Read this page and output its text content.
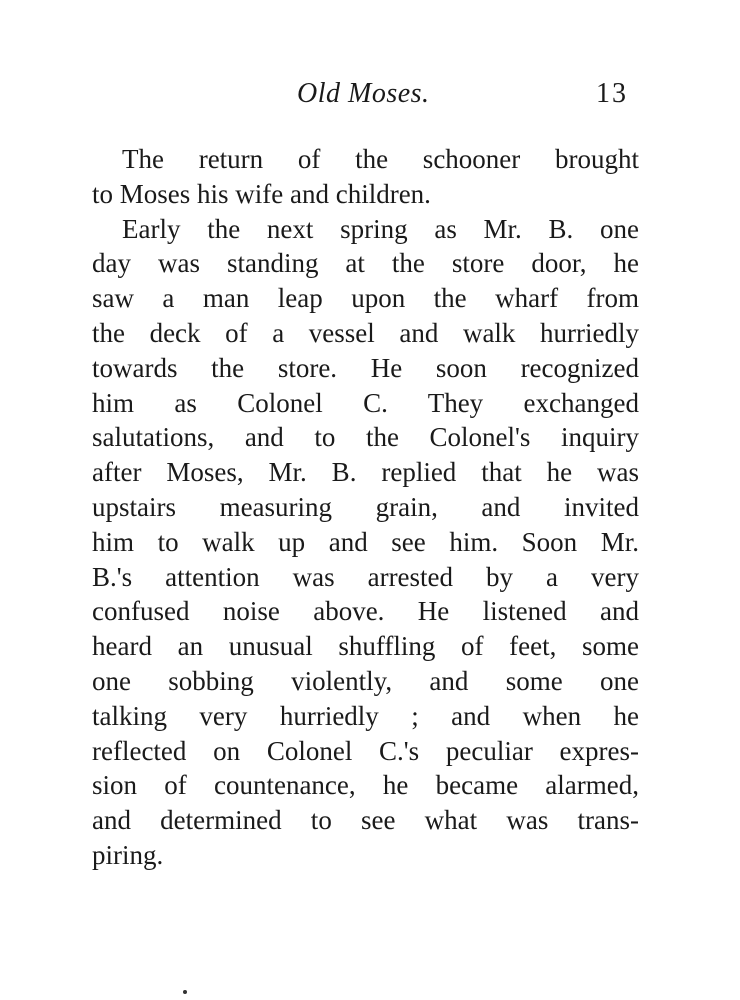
Old Moses.	13
The return of the schooner brought
to Moses his wife and children.
Early the next spring as Mr. B. one
day was standing at the store door, he
saw a man leap upon the wharf from
the deck of a vessel and walk hurriedly
towards the store. He soon recognized
him as Colonel C. They exchanged
salutations, and to the Colonel's inquiry
after Moses, Mr. B. replied that he was
upstairs measuring grain, and invited
him to walk up and see him. Soon Mr.
B.'s attention was arrested by a very
confused noise above. He listened and
heard an unusual shuffling of feet, some
one sobbing violently, and some one
talking very hurriedly ; and when he
reflected on Colonel C.'s peculiar expres-
sion of countenance, he became alarmed,
and determined to see what was trans-
piring.
